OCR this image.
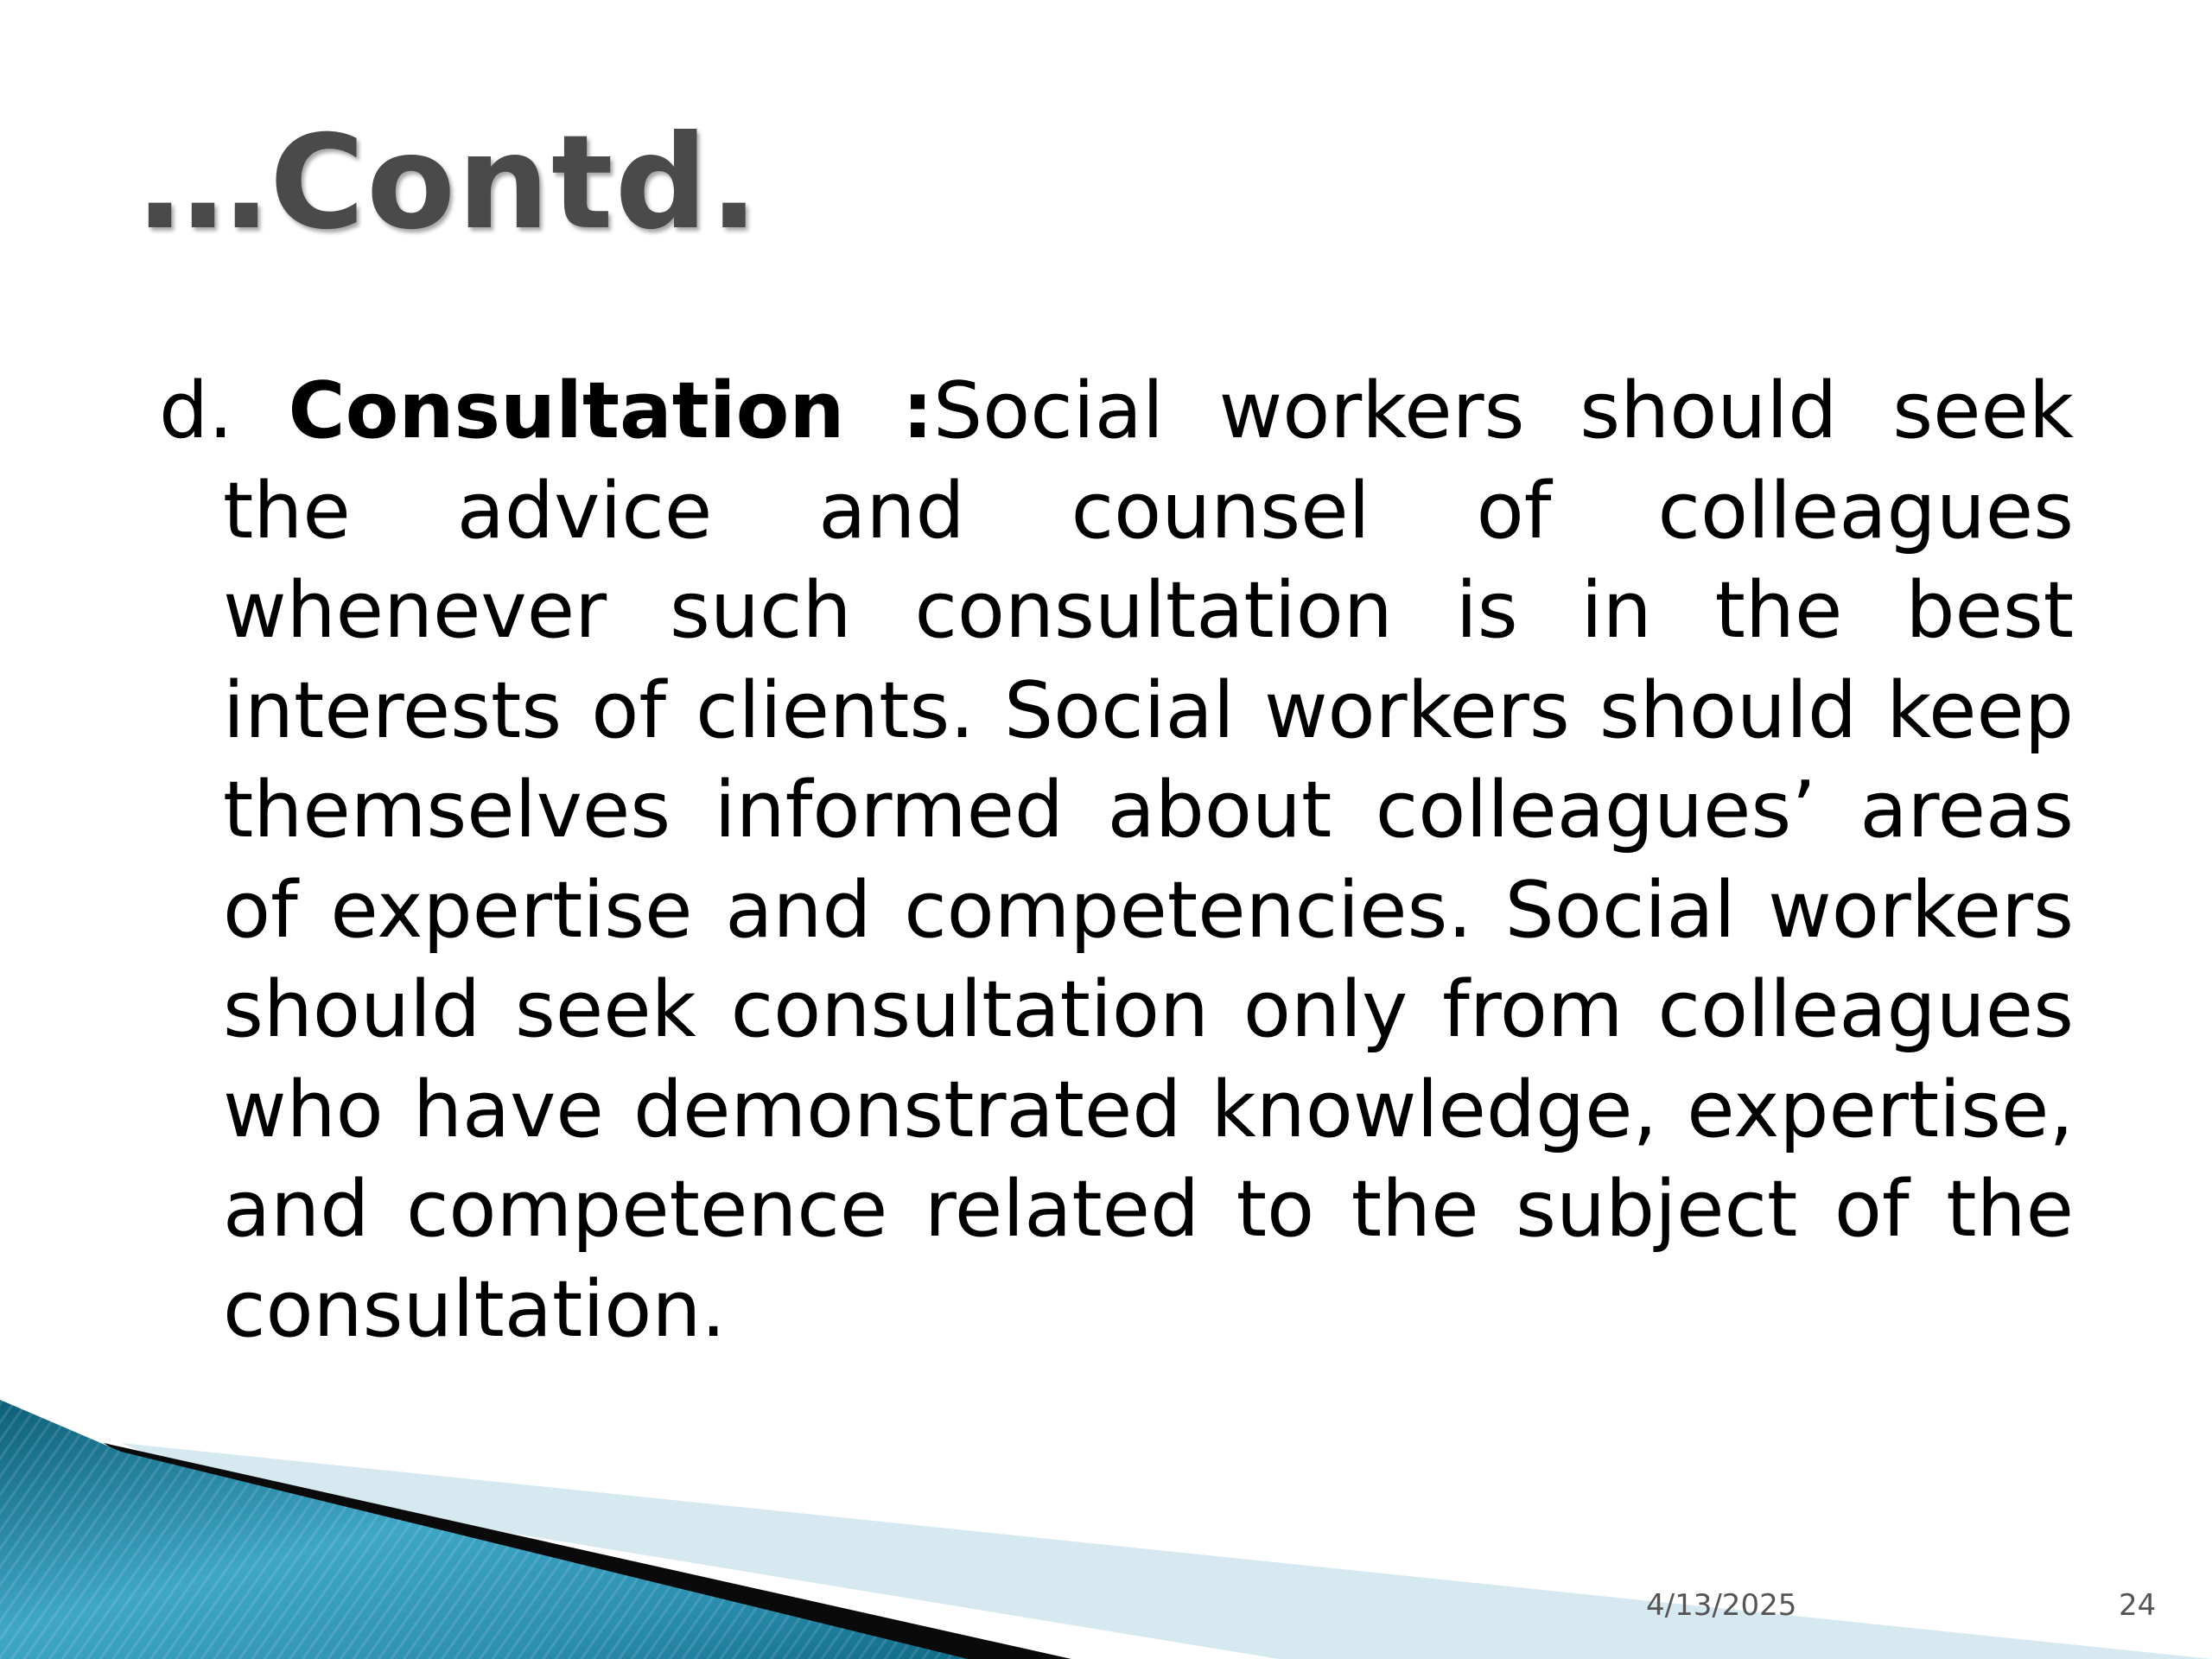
…Contd.
d. Consultation :Social workers should seek the advice and counsel of colleagues whenever such consultation is in the best interests of clients. Social workers should keep themselves informed about colleagues’ areas of expertise and competencies. Social workers should seek consultation only from colleagues who have demonstrated knowledge, expertise, and competence related to the subject of the consultation.
4/13/2025	24
